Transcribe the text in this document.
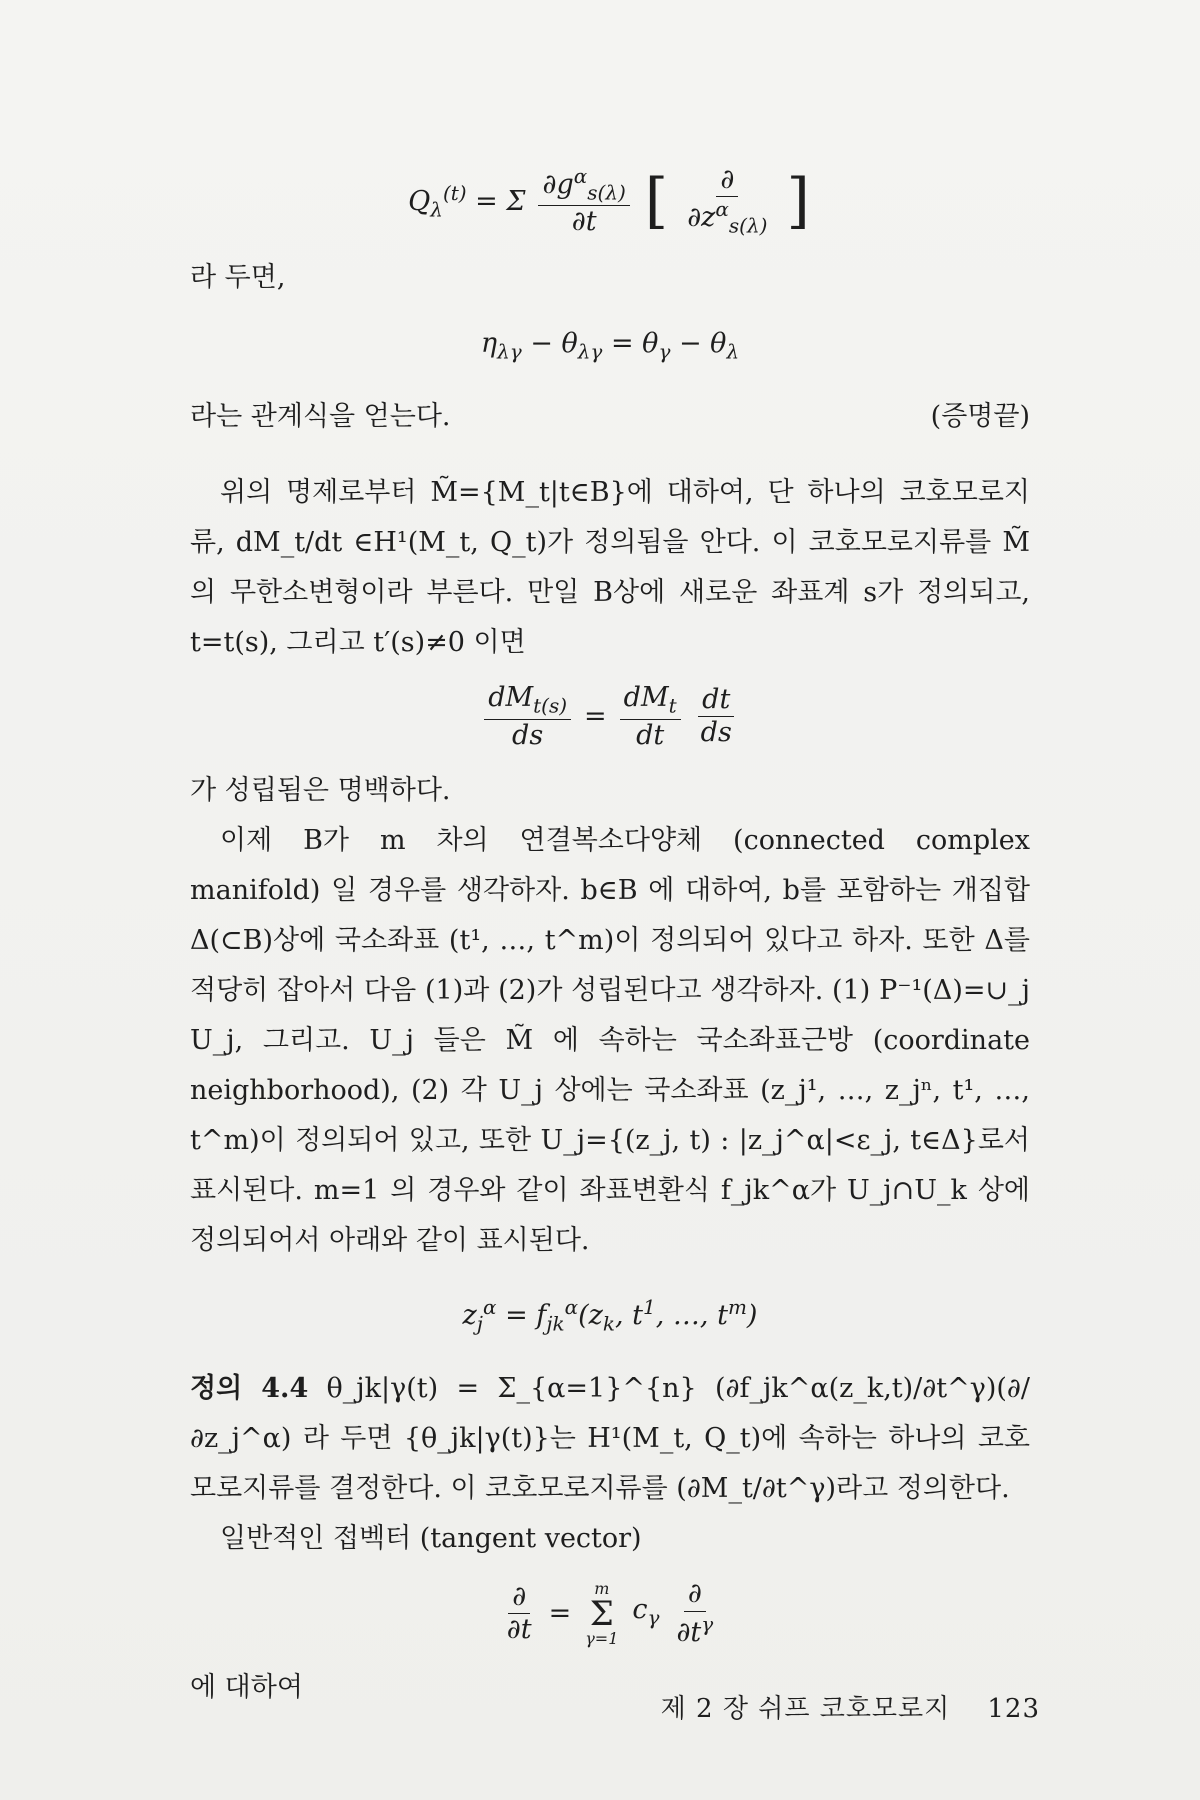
$Q_\lambda^{(t)} = \Sigma \frac{\partial g^\alpha_{s(\lambda)}}{\partial t}$ [ $\frac{\partial}{\partial z^\alpha_{s(\lambda)}}$ ]

라 두면,

$\eta_{\lambda\gamma} - \theta_{\lambda\gamma} = \theta_\gamma - \theta_\lambda$
라는 관계식을 얻는다.	(증명끝)

위의 명제로부터 M̃={M_t|t∈B}에 대하여, 단 하나의 코호모로지류, dM_t/dt ∈H¹(M_t, Q_t)가 정의됨을 안다. 이 코호모로지류를 M̃ 의 무한소변형이라 부른다. 만일 B상에 새로운 좌표계 s가 정의되고, t=t(s), 그리고 t′(s)≠0 이면

$\frac{dM_{t(s)}}{ds} = \frac{dM_t}{dt} \frac{dt}{ds}$

가 성립됨은 명백하다.

이제 B가 m 차의 연결복소다양체 (connected complex manifold) 일 경우를 생각하자. b∈B 에 대하여, b를 포함하는 개집합 Δ(⊂B)상에 국소좌표 (t¹, …, t^m)이 정의되어 있다고 하자. 또한 Δ를 적당히 잡아서 다음 (1)과 (2)가 성립된다고 생각하자. (1) P⁻¹(Δ)=∪_j U_j, 그리고. U_j 들은 M̃ 에 속하는 국소좌표근방 (coordinate neighborhood), (2) 각 U_j 상에는 국소좌표 (z_j¹, …, z_jⁿ, t¹, …, t^m)이 정의되어 있고, 또한 U_j={(z_j, t) : |z_j^α|<ε_j, t∈Δ}로서 표시된다. m=1 의 경우와 같이 좌표변환식 f_jk^α가 U_j∩U_k 상에 정의되어서 아래와 같이 표시된다.

$z_j^\alpha = f_{jk}^\alpha(z_k$, $t^1$, …, $t^m$)

정의 4.4 θ_jk|γ(t) = Σ_{α=1}^{n} (∂f_jk^α(z_k,t)/∂t^γ)(∂/∂z_j^α) 라 두면 {θ_jk|γ(t)}는 H¹(M_t, Q_t)에 속하는 하나의 코호모로지류를 결정한다. 이 코호모로지류를 (∂M_t/∂t^γ)라고 정의한다.

일반적인 접벡터 (tangent vector)

$\frac{\partial}{\partial t}$ =
m
Σ
γ=1
$c_\gamma \frac{\partial}{\partial t^\gamma}$

에 대하여

제 2 장 쉬프 코호모로지 123
